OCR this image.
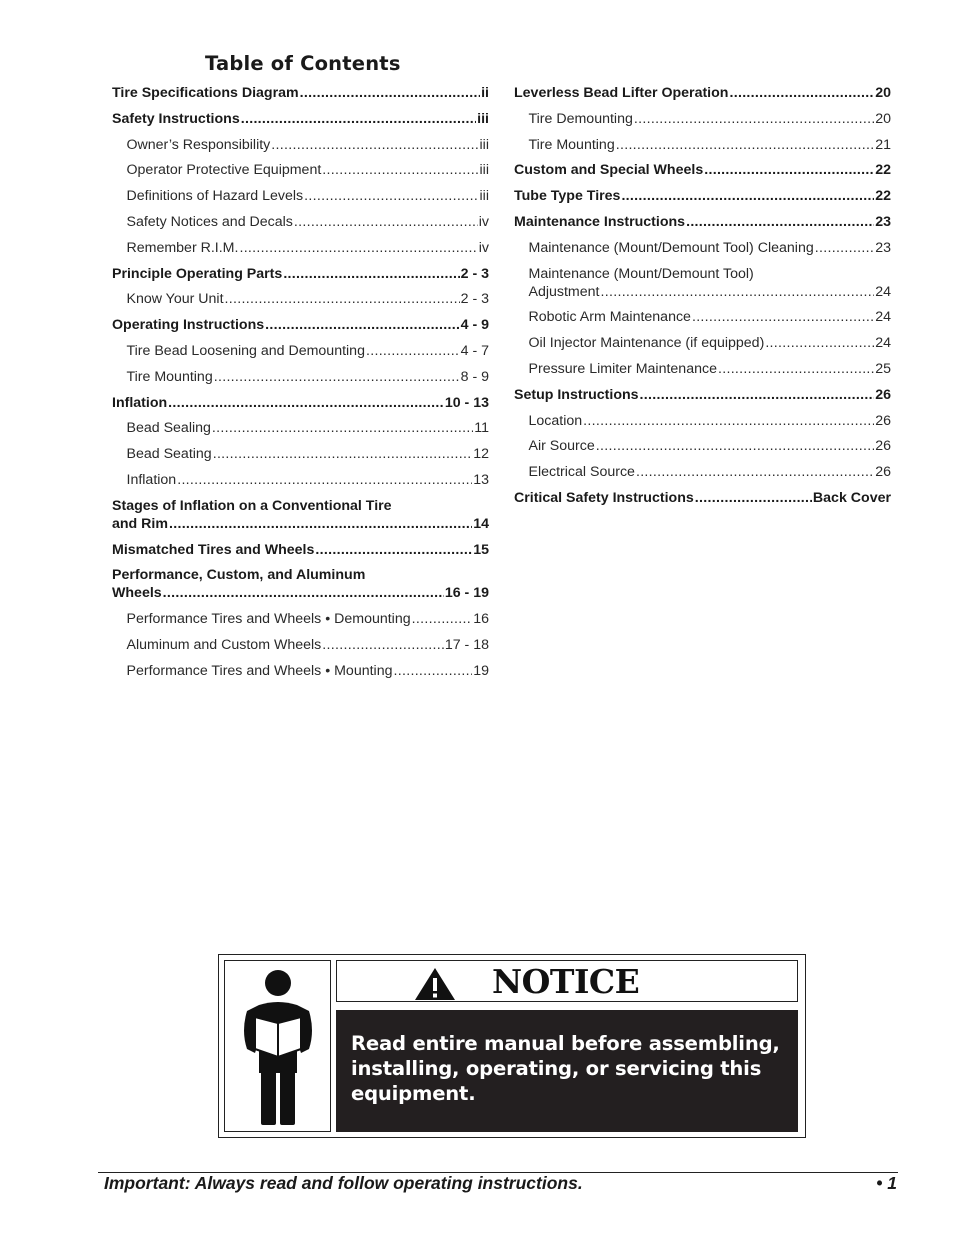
Table of Contents
Tire Specifications Diagram .....	ii
Safety Instructions .....	iii
Owner’s Responsibility .....	iii
Operator Protective Equipment .....	iii
Definitions of Hazard Levels .....	iii
Safety Notices and Decals .....	iv
Remember R.I.M. .....	iv
Principle Operating Parts .....	2 - 3
Know Your Unit .....	2 - 3
Operating Instructions .....	4 - 9
Tire Bead Loosening and Demounting .....	4 - 7
Tire Mounting .....	8 - 9
Inflation .....	10 - 13
Bead Sealing .....	11
Bead Seating .....	12
Inflation .....	13
Stages of Inflation on a Conventional Tire
and Rim .....	14
Mismatched Tires and Wheels .....	15
Performance, Custom, and Aluminum
Wheels .....	16 - 19
Performance Tires and Wheels • Demounting .....	16
Aluminum and Custom Wheels .....	17 - 18
Performance Tires and Wheels • Mounting .....	19
Leverless Bead Lifter Operation .....	20
Tire Demounting .....	20
Tire Mounting .....	21
Custom and Special Wheels .....	22
Tube Type Tires .....	22
Maintenance Instructions .....	23
Maintenance (Mount/Demount Tool) Cleaning .....	23
Maintenance (Mount/Demount Tool)
Adjustment .....	24
Robotic Arm Maintenance .....	24
Oil Injector Maintenance (if equipped) .....	24
Pressure Limiter Maintenance .....	25
Setup Instructions .....	26
Location .....	26
Air Source .....	26
Electrical Source .....	26
Critical Safety Instructions .....	Back Cover
NOTICE
Read entire manual before assembling, installing, operating, or servicing this equipment.
Important: Always read and follow operating instructions.	• 1
